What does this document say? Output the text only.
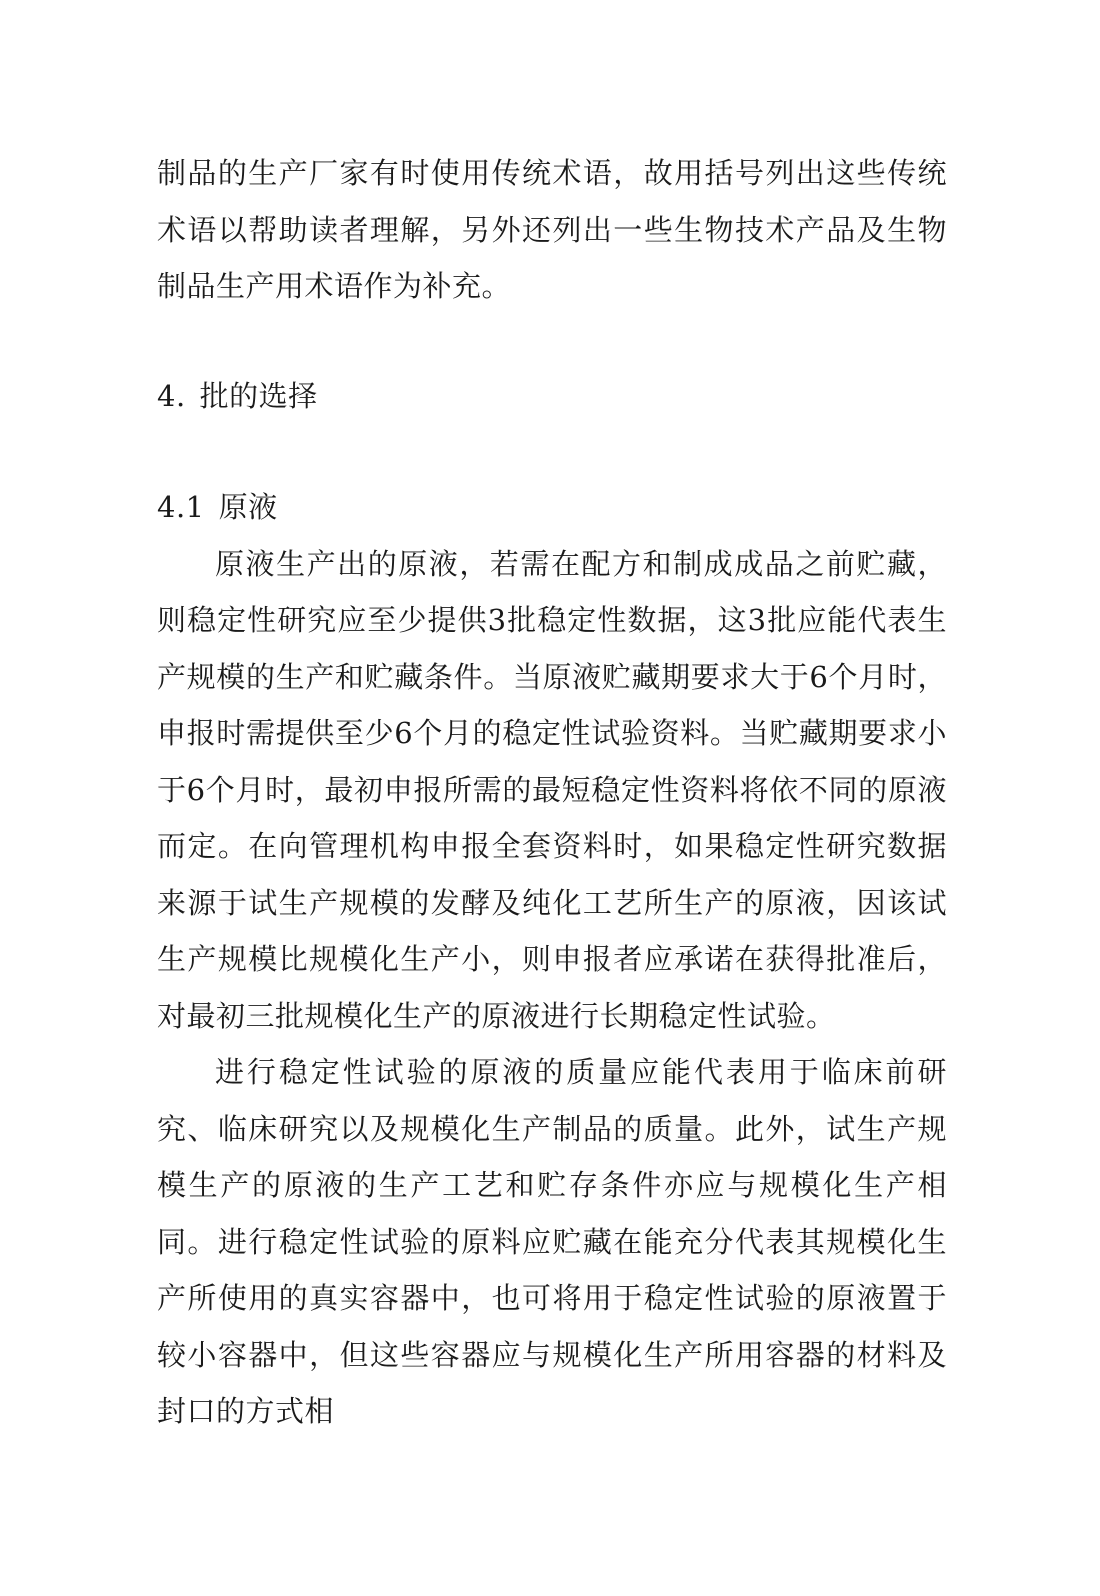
制品的生产厂家有时使用传统术语，故用括号列出这些传统术语以帮助读者理解，另外还列出一些生物技术产品及生物制品生产用术语作为补充。

4. 批的选择
4.1 原液

原液生产出的原液，若需在配方和制成成品之前贮藏，则稳定性研究应至少提供3批稳定性数据，这3批应能代表生产规模的生产和贮藏条件。当原液贮藏期要求大于6个月时，申报时需提供至少6个月的稳定性试验资料。当贮藏期要求小于6个月时，最初申报所需的最短稳定性资料将依不同的原液而定。在向管理机构申报全套资料时，如果稳定性研究数据来源于试生产规模的发酵及纯化工艺所生产的原液，因该试生产规模比规模化生产小，则申报者应承诺在获得批准后，对最初三批规模化生产的原液进行长期稳定性试验。

进行稳定性试验的原液的质量应能代表用于临床前研究、临床研究以及规模化生产制品的质量。此外，试生产规模生产的原液的生产工艺和贮存条件亦应与规模化生产相同。进行稳定性试验的原料应贮藏在能充分代表其规模化生产所使用的真实容器中，也可将用于稳定性试验的原液置于较小容器中，但这些容器应与规模化生产所用容器的材料及封口的方式相
